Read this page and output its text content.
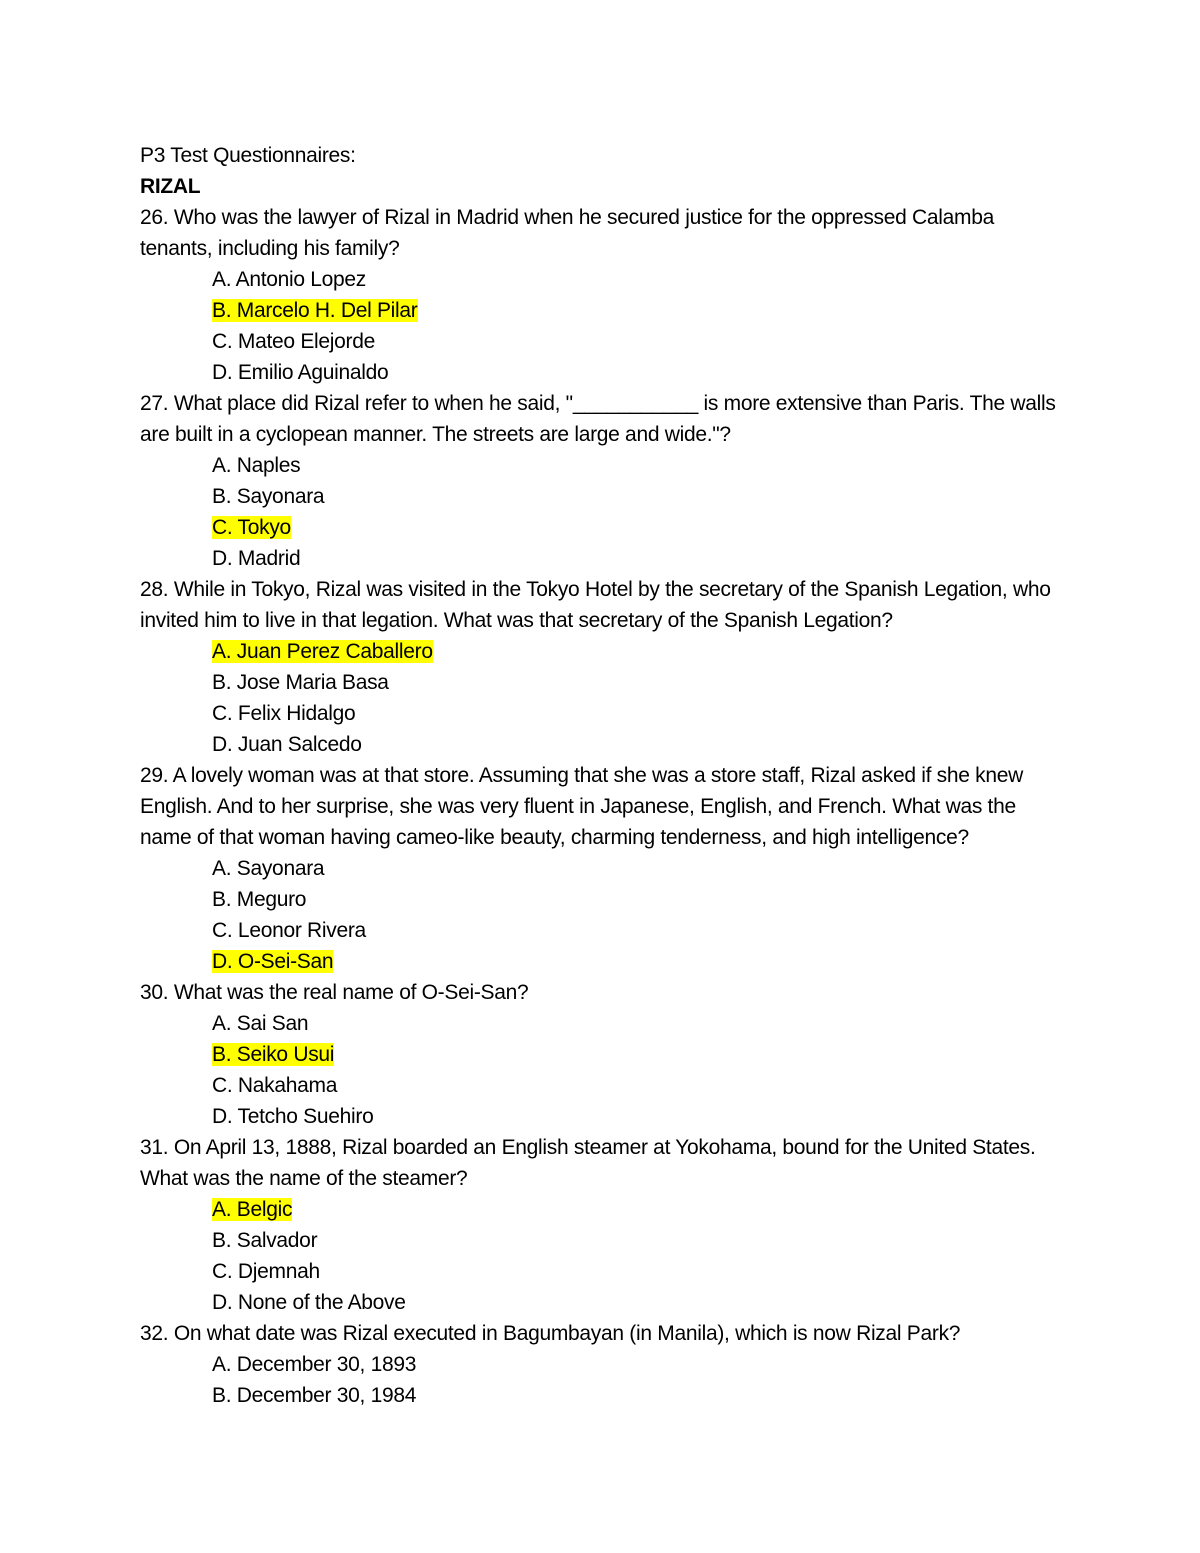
P3 Test Questionnaires:
RIZAL
26. Who was the lawyer of Rizal in Madrid when he secured justice for the oppressed Calamba tenants, including his family?
A. Antonio Lopez
B. Marcelo H. Del Pilar
C. Mateo Elejorde
D. Emilio Aguinaldo
27. What place did Rizal refer to when he said, "___________ is more extensive than Paris. The walls are built in a cyclopean manner. The streets are large and wide."?
A. Naples
B. Sayonara
C. Tokyo
D. Madrid
28. While in Tokyo, Rizal was visited in the Tokyo Hotel by the secretary of the Spanish Legation, who invited him to live in that legation. What was that secretary of the Spanish Legation?
A. Juan Perez Caballero
B. Jose Maria Basa
C. Felix Hidalgo
D. Juan Salcedo
29. A lovely woman was at that store. Assuming that she was a store staff, Rizal asked if she knew English. And to her surprise, she was very fluent in Japanese, English, and French. What was the name of that woman having cameo-like beauty, charming tenderness, and high intelligence?
A. Sayonara
B. Meguro
C. Leonor Rivera
D. O-Sei-San
30. What was the real name of O-Sei-San?
A. Sai San
B. Seiko Usui
C. Nakahama
D. Tetcho Suehiro
31. On April 13, 1888, Rizal boarded an English steamer at Yokohama, bound for the United States. What was the name of the steamer?
A. Belgic
B. Salvador
C. Djemnah
D. None of the Above
32. On what date was Rizal executed in Bagumbayan (in Manila), which is now Rizal Park?
A. December 30, 1893
B. December 30, 1984
